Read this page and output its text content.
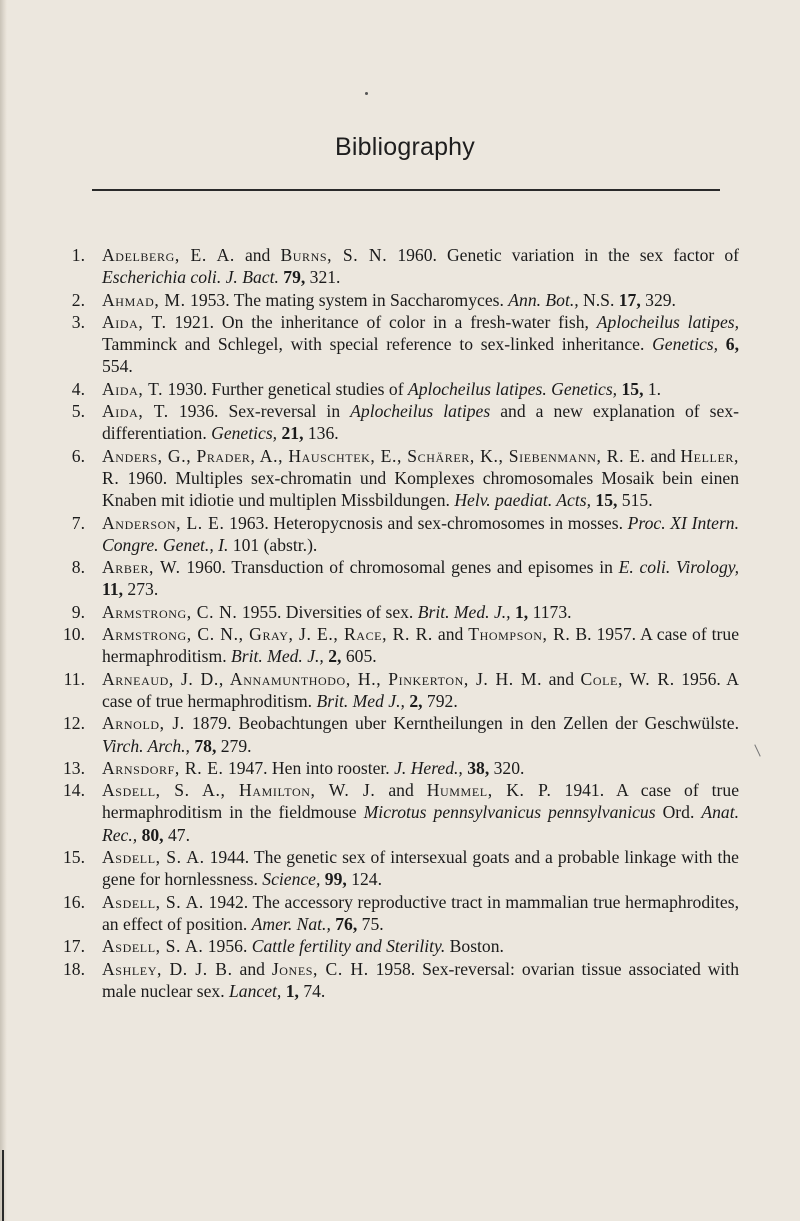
Bibliography
1. Adelberg, E. A. and Burns, S. N. 1960. Genetic variation in the sex factor of Escherichia coli. J. Bact. 79, 321.
2. Ahmad, M. 1953. The mating system in Saccharomyces. Ann. Bot., N.S. 17, 329.
3. Aida, T. 1921. On the inheritance of color in a fresh-water fish, Aplocheilus latipes, Tamminck and Schlegel, with special reference to sex-linked inheritance. Genetics, 6, 554.
4. Aida, T. 1930. Further genetical studies of Aplocheilus latipes. Genetics, 15, 1.
5. Aida, T. 1936. Sex-reversal in Aplocheilus latipes and a new explanation of sex-differentiation. Genetics, 21, 136.
6. Anders, G., Prader, A., Hauschtek, E., Schärer, K., Siebenmann, R. E. and Heller, R. 1960. Multiples sex-chromatin und Komplexes chromosomales Mosaik bein einen Knaben mit idiotie und multiplen Missbildungen. Helv. paediat. Acts, 15, 515.
7. Anderson, L. E. 1963. Heteropycnosis and sex-chromosomes in mosses. Proc. XI Intern. Congre. Genet., I. 101 (abstr.).
8. Arber, W. 1960. Transduction of chromosomal genes and episomes in E. coli. Virology, 11, 273.
9. Armstrong, C. N. 1955. Diversities of sex. Brit. Med. J., 1, 1173.
10. Armstrong, C. N., Gray, J. E., Race, R. R. and Thompson, R. B. 1957. A case of true hermaphroditism. Brit. Med. J., 2, 605.
11. Arneaud, J. D., Annamunthodo, H., Pinkerton, J. H. M. and Cole, W. R. 1956. A case of true hermaphroditism. Brit. Med J., 2, 792.
12. Arnold, J. 1879. Beobachtungen uber Kerntheilungen in den Zellen der Geschwülste. Virch. Arch., 78, 279.
13. Arnsdorf, R. E. 1947. Hen into rooster. J. Hered., 38, 320.
14. Asdell, S. A., Hamilton, W. J. and Hummel, K. P. 1941. A case of true hermaphroditism in the fieldmouse Microtus pennsylvanicus pennsylvanicus Ord. Anat. Rec., 80, 47.
15. Asdell, S. A. 1944. The genetic sex of intersexual goats and a probable linkage with the gene for hornlessness. Science, 99, 124.
16. Asdell, S. A. 1942. The accessory reproductive tract in mammalian true hermaphrodites, an effect of position. Amer. Nat., 76, 75.
17. Asdell, S. A. 1956. Cattle fertility and Sterility. Boston.
18. Ashley, D. J. B. and Jones, C. H. 1958. Sex-reversal: ovarian tissue associated with male nuclear sex. Lancet, 1, 74.
